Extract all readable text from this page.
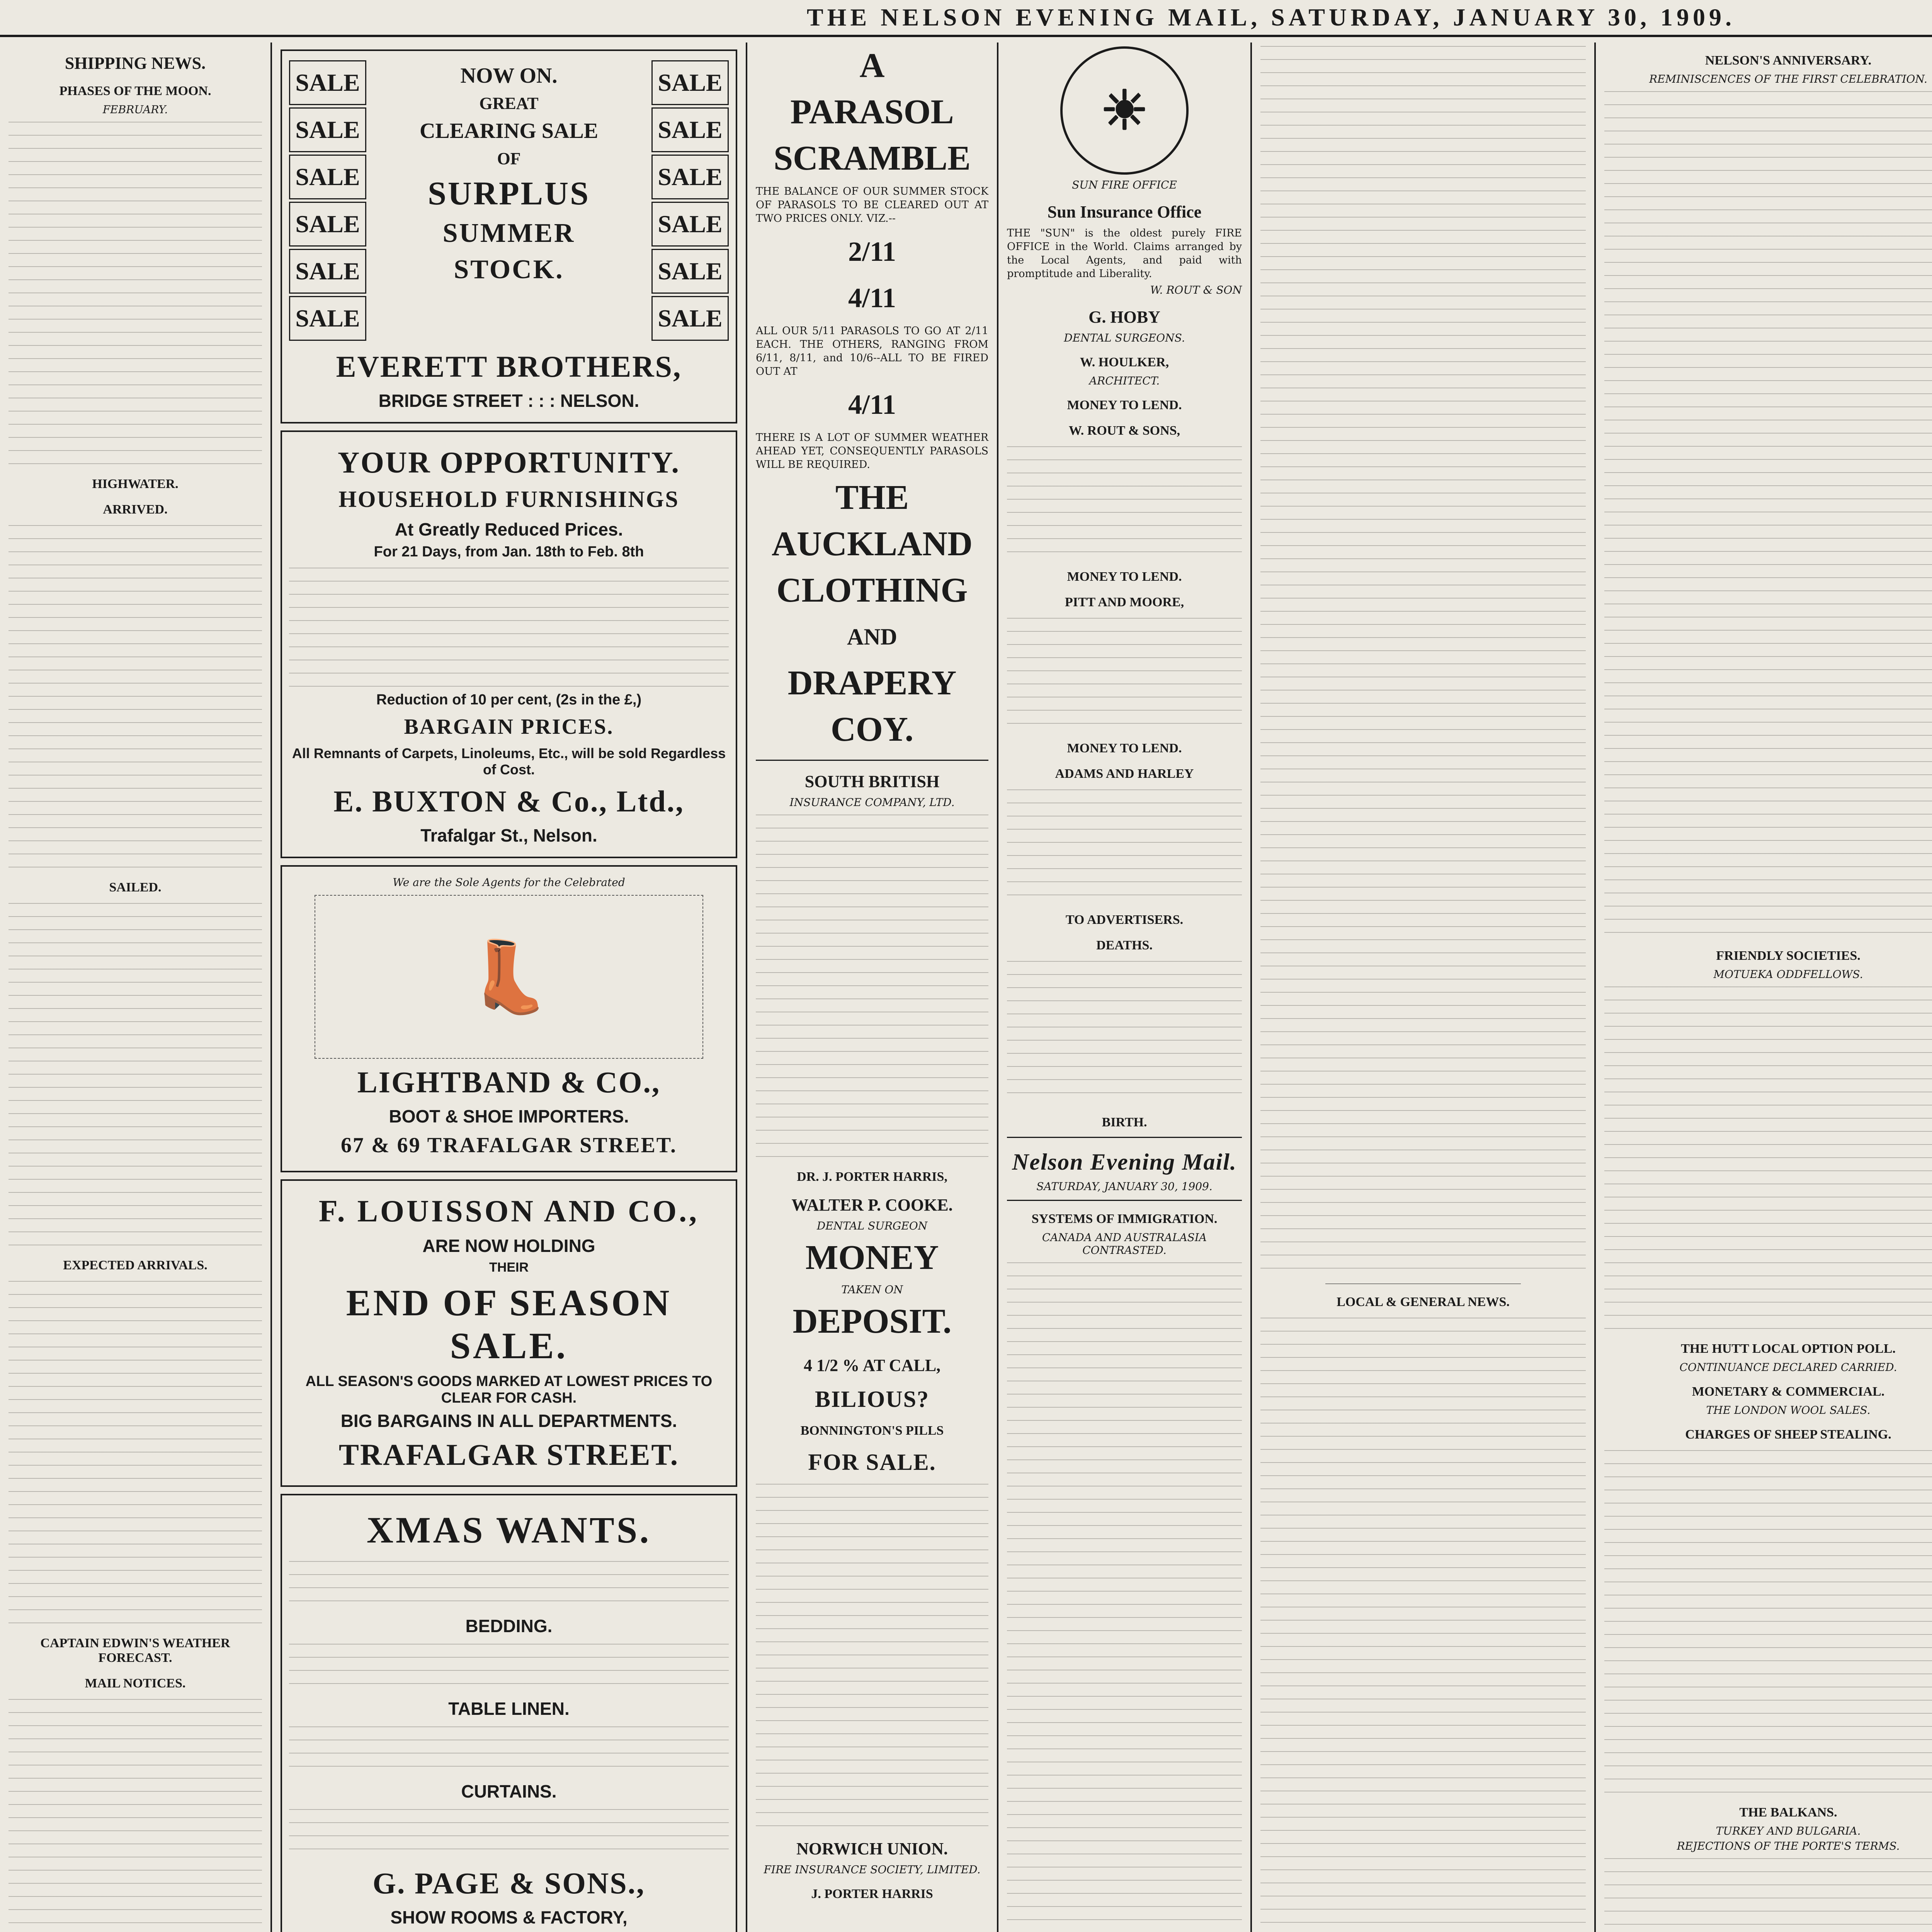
THE NELSON EVENING MAIL, SATURDAY, JANUARY 30, 1909.
SHIPPING NEWS.
PHASES OF THE MOON.
FEBRUARY.
HIGHWATER.
ARRIVED.
SAILED.
EXPECTED ARRIVALS.
CAPTAIN EDWIN'S WEATHER FORECAST.
MAIL NOTICES.
SALE
SALE
SALE
SALE
SALE
SALE
NOW ON.
GREAT
CLEARING SALE
OF
SURPLUS
SUMMER
STOCK.
SALE
SALE
SALE
SALE
SALE
SALE
EVERETT BROTHERS,
BRIDGE STREET : : : NELSON.
YOUR OPPORTUNITY.
HOUSEHOLD FURNISHINGS
At Greatly Reduced Prices.
For 21 Days, from Jan. 18th to Feb. 8th
Reduction of 10 per cent, (2s in the £,)
BARGAIN PRICES.
All Remnants of Carpets, Linoleums, Etc., will be sold Regardless of Cost.
E. BUXTON & Co., Ltd.,
Trafalgar St., Nelson.
We are the Sole Agents for the Celebrated
👢
LIGHTBAND & CO.,
BOOT & SHOE IMPORTERS.
67 & 69 TRAFALGAR STREET.
F. LOUISSON AND CO.,
ARE NOW HOLDING
THEIR
END OF SEASON SALE.
ALL SEASON'S GOODS MARKED AT LOWEST PRICES TO CLEAR FOR CASH.
BIG BARGAINS IN ALL DEPARTMENTS.
TRAFALGAR STREET.
XMAS WANTS.
BEDDING.
TABLE LINEN.
CURTAINS.
G. PAGE & SONS.,
SHOW ROOMS & FACTORY,
A
PARASOL
SCRAMBLE
THE BALANCE OF OUR SUMMER STOCK OF PARASOLS TO BE CLEARED OUT AT TWO PRICES ONLY. VIZ.--
2/11
4/11
ALL OUR 5/11 PARASOLS TO GO AT 2/11 EACH. THE OTHERS, RANGING FROM 6/11, 8/11, and 10/6--ALL TO BE FIRED OUT AT
4/11
THERE IS A LOT OF SUMMER WEATHER AHEAD YET, CONSEQUENTLY PARASOLS WILL BE REQUIRED.
THE
AUCKLAND
CLOTHING
AND
DRAPERY
COY.
SOUTH BRITISH
INSURANCE COMPANY, LTD.
DR. J. PORTER HARRIS,
WALTER P. COOKE.
DENTAL SURGEON
MONEY
TAKEN ON
DEPOSIT.
4 1/2 % AT CALL,
BILIOUS?
BONNINGTON'S PILLS
FOR SALE.
NORWICH UNION.
FIRE INSURANCE SOCIETY, LIMITED.
J. PORTER HARRIS
☀
SUN FIRE OFFICE
Sun Insurance Office
THE "SUN" is the oldest purely FIRE OFFICE in the World. Claims arranged by the Local Agents, and paid with promptitude and Liberality.
W. ROUT & SON
G. HOBY
DENTAL SURGEONS.
W. HOULKER,
ARCHITECT.
MONEY TO LEND.
W. ROUT & SONS,
MONEY TO LEND.
PITT AND MOORE,
MONEY TO LEND.
ADAMS AND HARLEY
TO ADVERTISERS.
DEATHS.
BIRTH.
Nelson Evening Mail.
SATURDAY, JANUARY 30, 1909.
SYSTEMS OF IMMIGRATION.
CANADA AND AUSTRALASIA CONTRASTED.
LOCAL & GENERAL NEWS.
NELSON'S ANNIVERSARY.
REMINISCENCES OF THE FIRST CELEBRATION.
FRIENDLY SOCIETIES.
MOTUEKA ODDFELLOWS.
THE HUTT LOCAL OPTION POLL.
CONTINUANCE DECLARED CARRIED.
MONETARY & COMMERCIAL.
THE LONDON WOOL SALES.
CHARGES OF SHEEP STEALING.
THE BALKANS.
TURKEY AND BULGARIA.
REJECTIONS OF THE PORTE'S TERMS.
